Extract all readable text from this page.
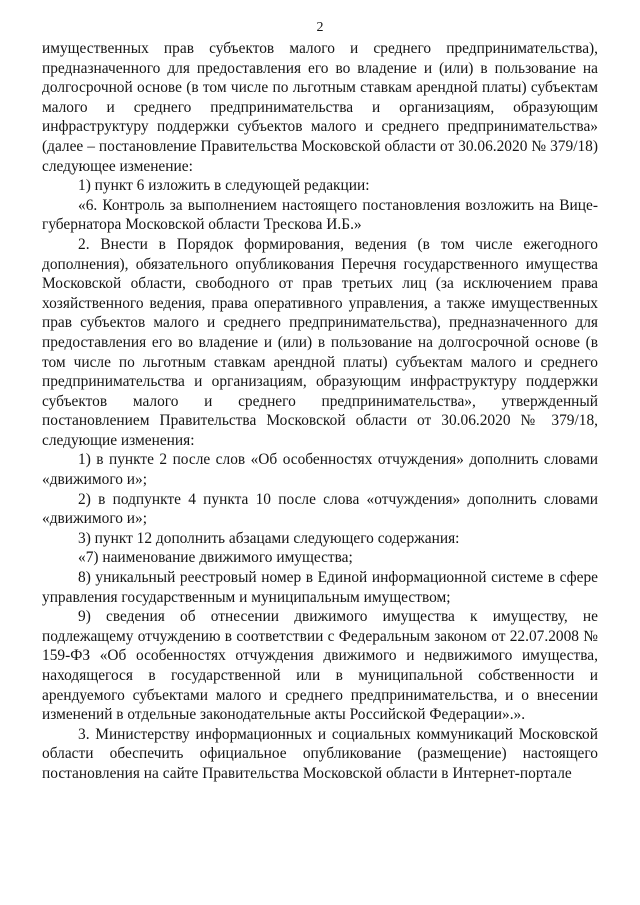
2

имущественных прав субъектов малого и среднего предпринимательства), предназначенного для предоставления его во владение и (или) в пользование на долгосрочной основе (в том числе по льготным ставкам арендной платы) субъектам малого и среднего предпринимательства и организациям, образующим инфраструктуру поддержки субъектов малого и среднего предпринимательства» (далее – постановление Правительства Московской области от 30.06.2020 № 379/18) следующее изменение:

1) пункт 6 изложить в следующей редакции:

«6. Контроль за выполнением настоящего постановления возложить на Вице-губернатора Московской области Трескова И.Б.»

2. Внести в Порядок формирования, ведения (в том числе ежегодного дополнения), обязательного опубликования Перечня государственного имущества Московской области, свободного от прав третьих лиц (за исключением права хозяйственного ведения, права оперативного управления, а также имущественных прав субъектов малого и среднего предпринимательства), предназначенного для предоставления его во владение и (или) в пользование на долгосрочной основе (в том числе по льготным ставкам арендной платы) субъектам малого и среднего предпринимательства и организациям, образующим инфраструктуру поддержки субъектов малого и среднего предпринимательства», утвержденный постановлением Правительства Московской области от 30.06.2020 № 379/18, следующие изменения:

1) в пункте 2 после слов «Об особенностях отчуждения» дополнить словами «движимого и»;

2) в подпункте 4 пункта 10 после слова «отчуждения» дополнить словами «движимого и»;

3) пункт 12 дополнить абзацами следующего содержания:

«7) наименование движимого имущества;

8) уникальный реестровый номер в Единой информационной системе в сфере управления государственным и муниципальным имуществом;

9) сведения об отнесении движимого имущества к имуществу, не подлежащему отчуждению в соответствии с Федеральным законом от 22.07.2008 № 159-ФЗ «Об особенностях отчуждения движимого и недвижимого имущества, находящегося в государственной или в муниципальной собственности и арендуемого субъектами малого и среднего предпринимательства, и о внесении изменений в отдельные законодательные акты Российской Федерации».».

3. Министерству информационных и социальных коммуникаций Московской области обеспечить официальное опубликование (размещение) настоящего постановления на сайте Правительства Московской области в Интернет-портале
